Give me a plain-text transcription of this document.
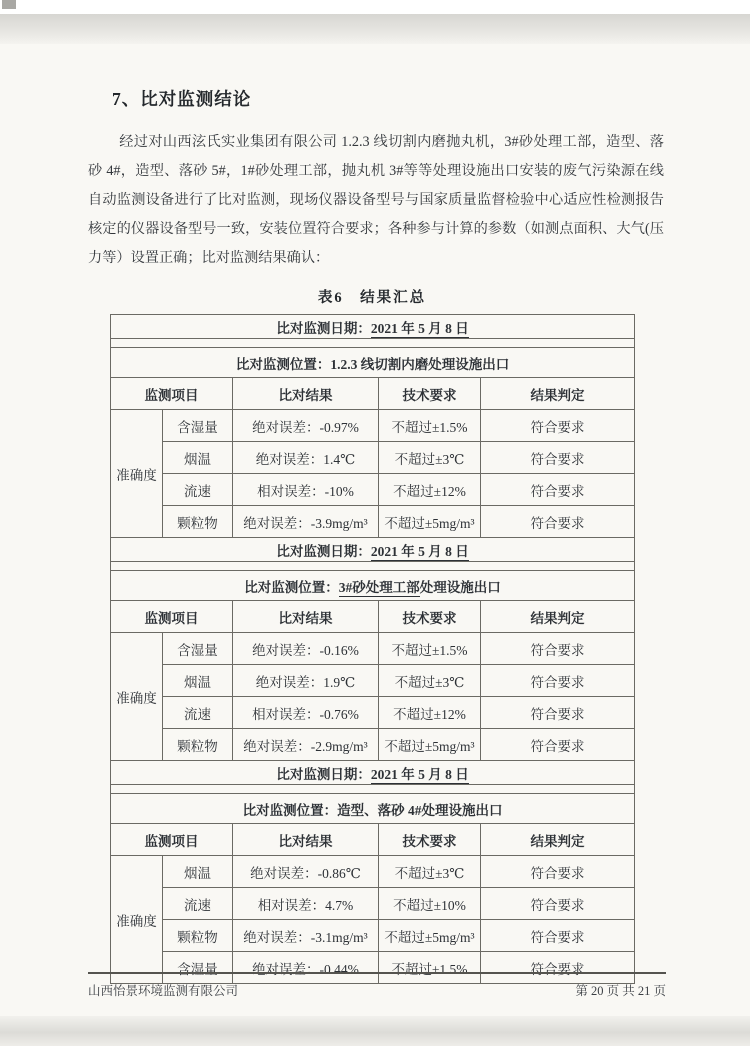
7、比对监测结论

经过对山西泫氏实业集团有限公司 1.2.3 线切割内磨抛丸机，3#砂处理工部，造型、落砂 4#，造型、落砂 5#，1#砂处理工部，抛丸机 3#等等处理设施出口安装的废气污染源在线自动监测设备进行了比对监测，现场仪器设备型号与国家质量监督检验中心适应性检测报告核定的仪器设备型号一致，安装位置符合要求；各种参与计算的参数（如测点面积、大气(压力等）设置正确；比对监测结果确认：

表6　结果汇总
比对监测日期：2021 年 5 月 8 日				

比对监测位置：1.2.3 线切割内磨处理设施出口				
监测项目		比对结果	技术要求	结果判定
准确度	含湿量	绝对误差：-0.97%	不超过±1.5%	符合要求
	烟温	绝对误差：1.4℃	不超过±3℃	符合要求
	流速	相对误差：-10%	不超过±12%	符合要求
	颗粒物	绝对误差：-3.9mg/m³	不超过±5mg/m³	符合要求
比对监测日期：2021 年 5 月 8 日				

比对监测位置：3#砂处理工部处理设施出口				
监测项目		比对结果	技术要求	结果判定
准确度	含湿量	绝对误差：-0.16%	不超过±1.5%	符合要求
	烟温	绝对误差：1.9℃	不超过±3℃	符合要求
	流速	相对误差：-0.76%	不超过±12%	符合要求
	颗粒物	绝对误差：-2.9mg/m³	不超过±5mg/m³	符合要求
比对监测日期：2021 年 5 月 8 日				

比对监测位置：造型、落砂 4#处理设施出口				
监测项目		比对结果	技术要求	结果判定
准确度	烟温	绝对误差：-0.86℃	不超过±3℃	符合要求
	流速	相对误差：4.7%	不超过±10%	符合要求
	颗粒物	绝对误差：-3.1mg/m³	不超过±5mg/m³	符合要求
	含湿量	绝对误差：-0.44%	不超过±1.5%	符合要求
山西怡景环境监测有限公司	第 20 页 共 21 页
